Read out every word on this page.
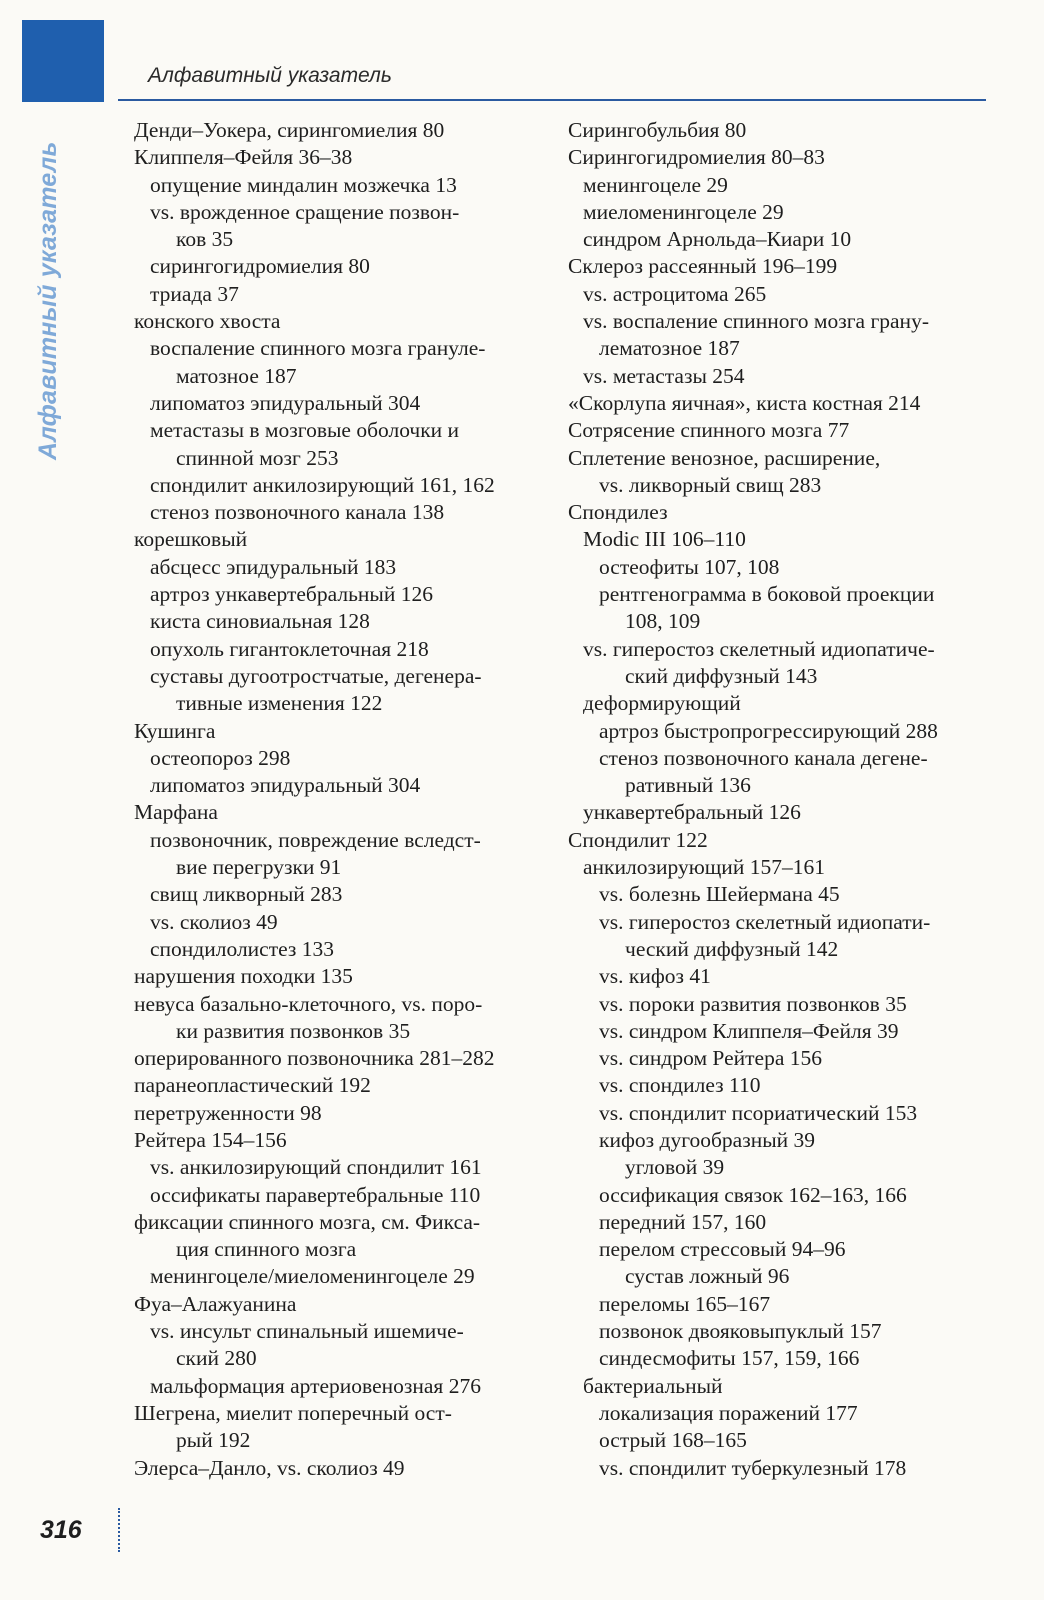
Алфавитный указатель
Алфавитный указатель
Денди–Уокера, сирингомиелия 80
Клиппеля–Фейля 36–38
опущение миндалин мозжечка 13
vs. врожденное сращение позвон-
ков 35
сирингогидромиелия 80
триада 37
конского хвоста
воспаление спинного мозга грануле-
матозное 187
липоматоз эпидуральный 304
метастазы в мозговые оболочки и
спинной мозг 253
спондилит анкилозирующий 161, 162
стеноз позвоночного канала 138
корешковый
абсцесс эпидуральный 183
артроз ункавертебральный 126
киста синовиальная 128
опухоль гигантоклеточная 218
суставы дугоотростчатые, дегенера-
тивные изменения 122
Кушинга
остеопороз 298
липоматоз эпидуральный 304
Марфана
позвоночник, повреждение вследст-
вие перегрузки 91
свищ ликворный 283
vs. сколиоз 49
спондилолистез 133
нарушения походки 135
невуса базально-клеточного, vs. поро-
ки развития позвонков 35
оперированного позвоночника 281–282
паранеопластический 192
перетруженности 98
Рейтера 154–156
vs. анкилозирующий спондилит 161
оссификаты паравертебральные 110
фиксации спинного мозга, см. Фикса-
ция спинного мозга
менингоцеле/миеломенингоцеле 29
Фуа–Алажуанина
vs. инсульт спинальный ишемиче-
ский 280
мальформация артериовенозная 276
Шегрена, миелит поперечный ост-
рый 192
Элерса–Данло, vs. сколиоз 49
Сирингобульбия 80
Сирингогидромиелия 80–83
менингоцеле 29
миеломенингоцеле 29
синдром Арнольда–Киари 10
Склероз рассеянный 196–199
vs. астроцитома 265
vs. воспаление спинного мозга грану-
лематозное 187
vs. метастазы 254
«Скорлупа яичная», киста костная 214
Сотрясение спинного мозга 77
Сплетение венозное, расширение,
vs. ликворный свищ 283
Спондилез
Modic III 106–110
остеофиты 107, 108
рентгенограмма в боковой проекции
108, 109
vs. гиперостоз скелетный идиопатиче-
ский диффузный 143
деформирующий
артроз быстропрогрессирующий 288
стеноз позвоночного канала дегене-
ративный 136
ункавертебральный 126
Спондилит 122
анкилозирующий 157–161
vs. болезнь Шейермана 45
vs. гиперостоз скелетный идиопати-
ческий диффузный 142
vs. кифоз 41
vs. пороки развития позвонков 35
vs. синдром Клиппеля–Фейля 39
vs. синдром Рейтера 156
vs. спондилез 110
vs. спондилит псориатический 153
кифоз дугообразный 39
угловой 39
оссификация связок 162–163, 166
передний 157, 160
перелом стрессовый 94–96
сустав ложный 96
переломы 165–167
позвонок двояковыпуклый 157
синдесмофиты 157, 159, 166
бактериальный
локализация поражений 177
острый 168–165
vs. спондилит туберкулезный 178
316
